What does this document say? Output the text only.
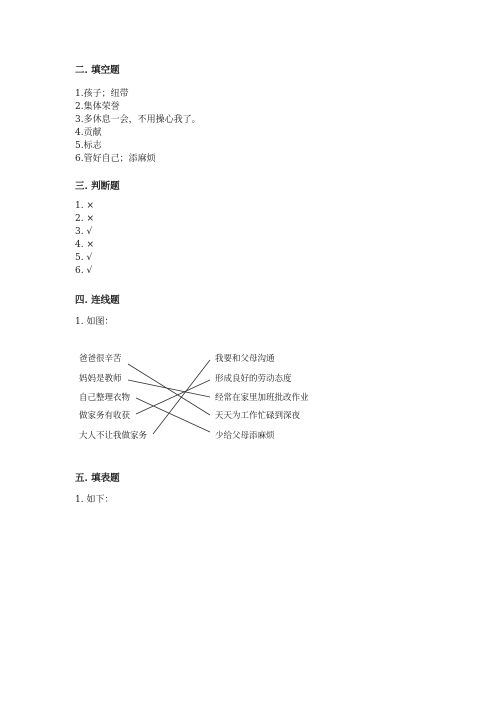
二. 填空题
1.孩子；纽带
2.集体荣誉
3.多休息一会，不用操心我了。
4.贡献
5.标志
6.管好自己；添麻烦
三. 判断题
1. ×
2. ×
3. √
4. ×
5. √
6. √
四. 连线题
1. 如图：
爸爸很辛苦
妈妈是教师
自己整理衣物
做家务有收获
大人不让我做家务
我要和父母沟通
形成良好的劳动态度
经常在家里加班批改作业
天天为工作忙碌到深夜
少给父母添麻烦
五. 填表题
1. 如下：
